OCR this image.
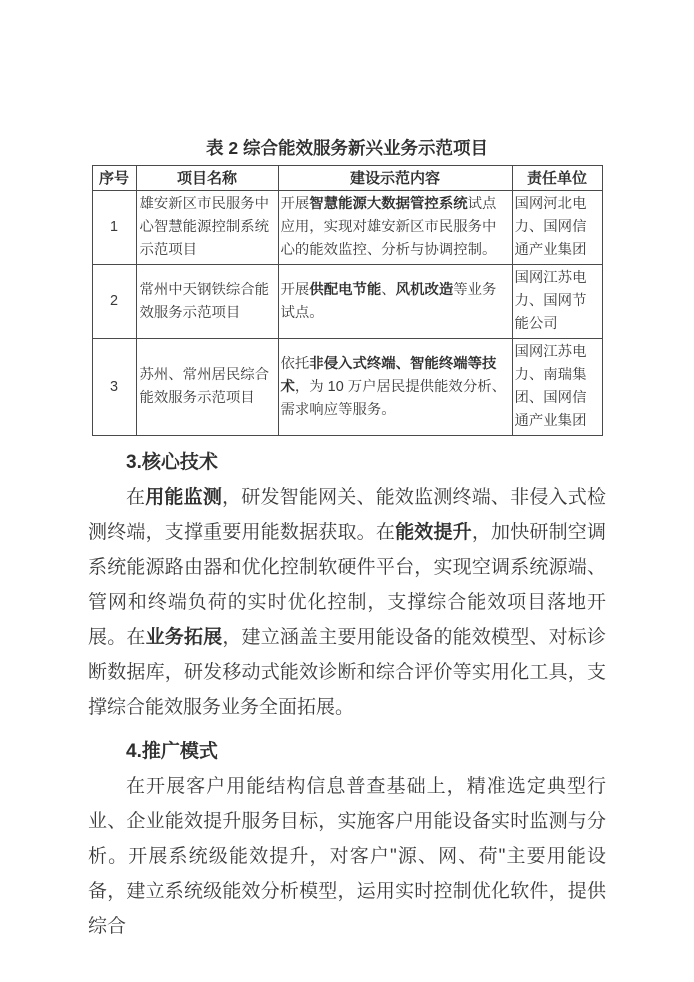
表 2 综合能效服务新兴业务示范项目
序号	项目名称	建设示范内容	责任单位
1	雄安新区市民服务中心智慧能源控制系统示范项目	开展智慧能源大数据管控系统试点应用，实现对雄安新区市民服务中心的能效监控、分析与协调控制。	国网河北电力、国网信通产业集团
2	常州中天钢铁综合能效服务示范项目	开展供配电节能、风机改造等业务试点。	国网江苏电力、国网节能公司
3	苏州、常州居民综合能效服务示范项目	依托非侵入式终端、智能终端等技术，为 10 万户居民提供能效分析、需求响应等服务。	国网江苏电力、南瑞集团、国网信通产业集团
3.核心技术

在用能监测，研发智能网关、能效监测终端、非侵入式检测终端，支撑重要用能数据获取。在能效提升，加快研制空调系统能源路由器和优化控制软硬件平台，实现空调系统源端、管网和终端负荷的实时优化控制，支撑综合能效项目落地开展。在业务拓展，建立涵盖主要用能设备的能效模型、对标诊断数据库，研发移动式能效诊断和综合评价等实用化工具，支撑综合能效服务业务全面拓展。

4.推广模式

在开展客户用能结构信息普查基础上，精准选定典型行业、企业能效提升服务目标，实施客户用能设备实时监测与分析。开展系统级能效提升，对客户"源、网、荷"主要用能设备，建立系统级能效分析模型，运用实时控制优化软件，提供综合
